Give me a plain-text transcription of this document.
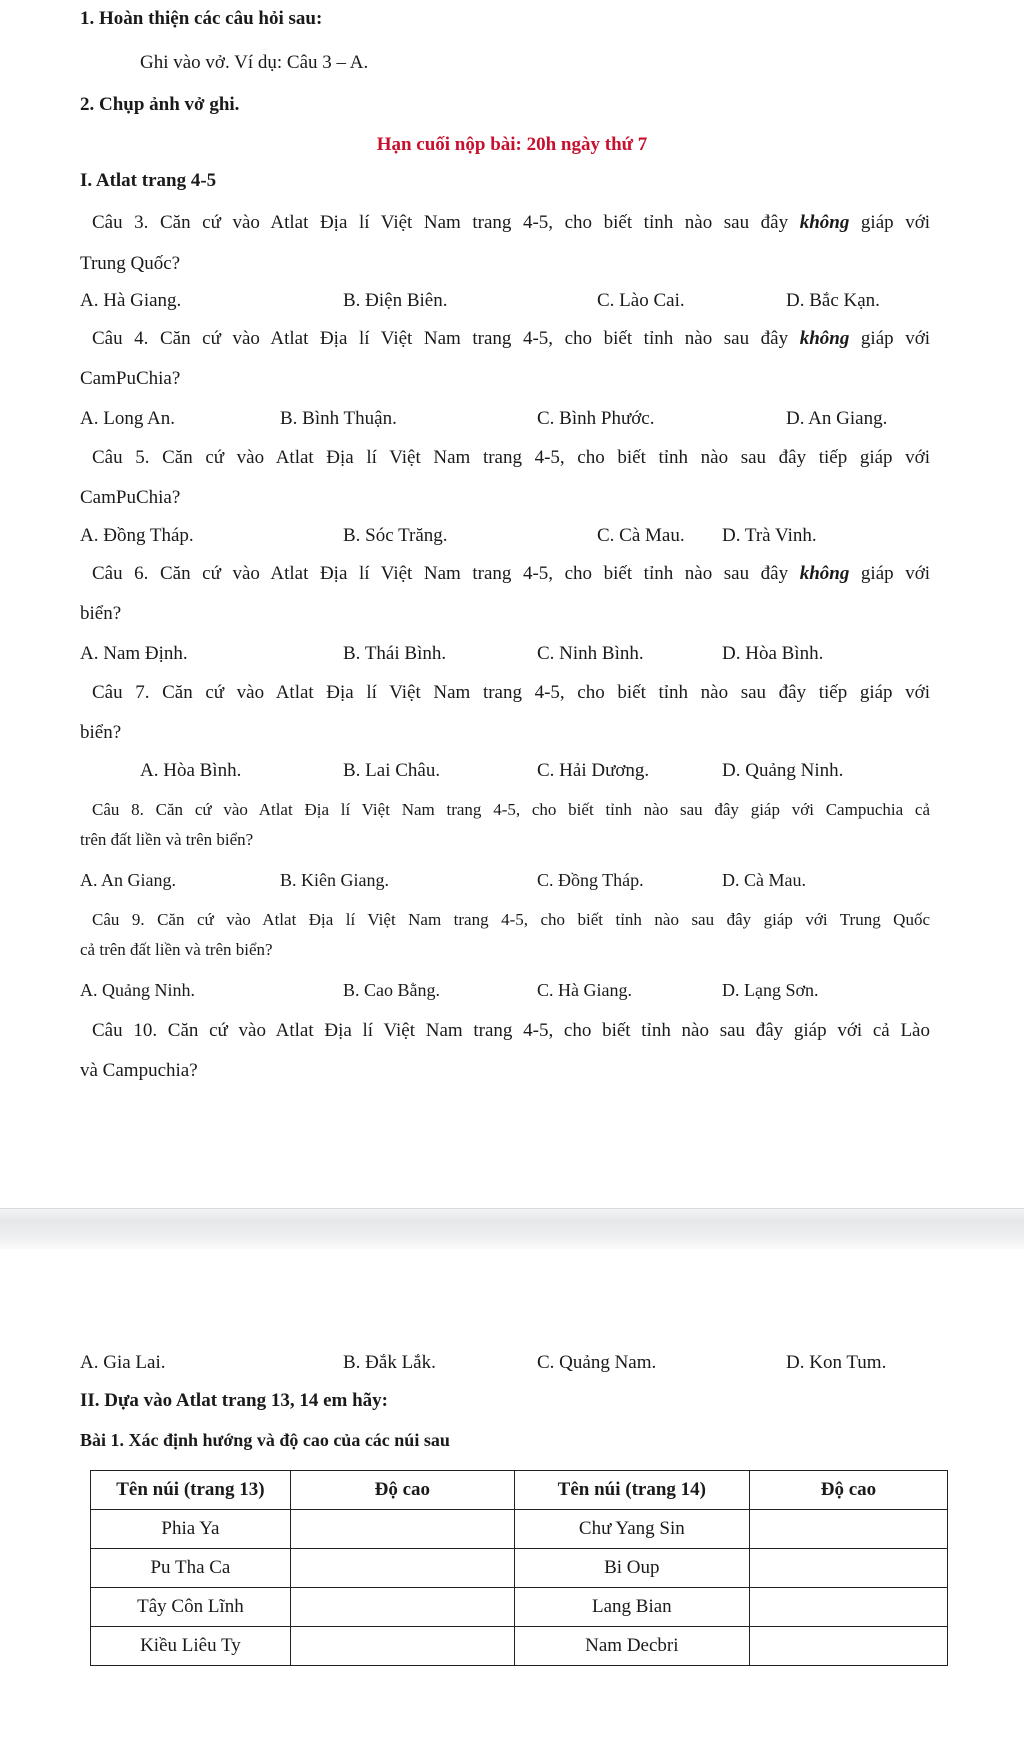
1. Hoàn thiện các câu hỏi sau:
Ghi vào vở. Ví dụ: Câu 3 – A.
2. Chụp ảnh vở ghi.
Hạn cuối nộp bài: 20h ngày thứ 7
I. Atlat trang 4-5
Câu 3. Căn cứ vào Atlat Địa lí Việt Nam trang 4-5, cho biết tỉnh nào sau đây không giáp với
Trung Quốc?
A. Hà Giang.	B. Điện Biên.	C. Lào Cai.	D. Bắc Kạn.
Câu 4. Căn cứ vào Atlat Địa lí Việt Nam trang 4-5, cho biết tỉnh nào sau đây không giáp với
CamPuChia?
A. Long An.	B. Bình Thuận.	C. Bình Phước.	D. An Giang.
Câu 5. Căn cứ vào Atlat Địa lí Việt Nam trang 4-5, cho biết tỉnh nào sau đây tiếp giáp với
CamPuChia?
A. Đồng Tháp.	B. Sóc Trăng.	C. Cà Mau. D. Trà Vinh.
Câu 6. Căn cứ vào Atlat Địa lí Việt Nam trang 4-5, cho biết tỉnh nào sau đây không giáp với
biển?
A. Nam Định.	B. Thái Bình.	C. Ninh Bình.	D. Hòa Bình.
Câu 7. Căn cứ vào Atlat Địa lí Việt Nam trang 4-5, cho biết tỉnh nào sau đây tiếp giáp với
biển?
A. Hòa Bình.	B. Lai Châu.	C. Hải Dương.	D. Quảng Ninh.
Câu 8. Căn cứ vào Atlat Địa lí Việt Nam trang 4-5, cho biết tỉnh nào sau đây giáp với Campuchia cả
trên đất liền và trên biển?
A. An Giang.	B. Kiên Giang.	C. Đồng Tháp.	D. Cà Mau.
Câu 9. Căn cứ vào Atlat Địa lí Việt Nam trang 4-5, cho biết tỉnh nào sau đây giáp với Trung Quốc
cả trên đất liền và trên biển?
A. Quảng Ninh.	B. Cao Bằng.	C. Hà Giang.	D. Lạng Sơn.
Câu 10. Căn cứ vào Atlat Địa lí Việt Nam trang 4-5, cho biết tỉnh nào sau đây giáp với cả Lào
và Campuchia?
A. Gia Lai.	B. Đắk Lắk.	C. Quảng Nam.	D. Kon Tum.
II. Dựa vào Atlat trang 13, 14 em hãy:
Bài 1. Xác định hướng và độ cao của các núi sau
Tên núi (trang 13)	Độ cao	Tên núi (trang 14)	Độ cao
Phia Ya		Chư Yang Sin	
Pu Tha Ca		Bi Oup	
Tây Côn Lĩnh		Lang Bian	
Kiều Liêu Ty		Nam Decbri	
